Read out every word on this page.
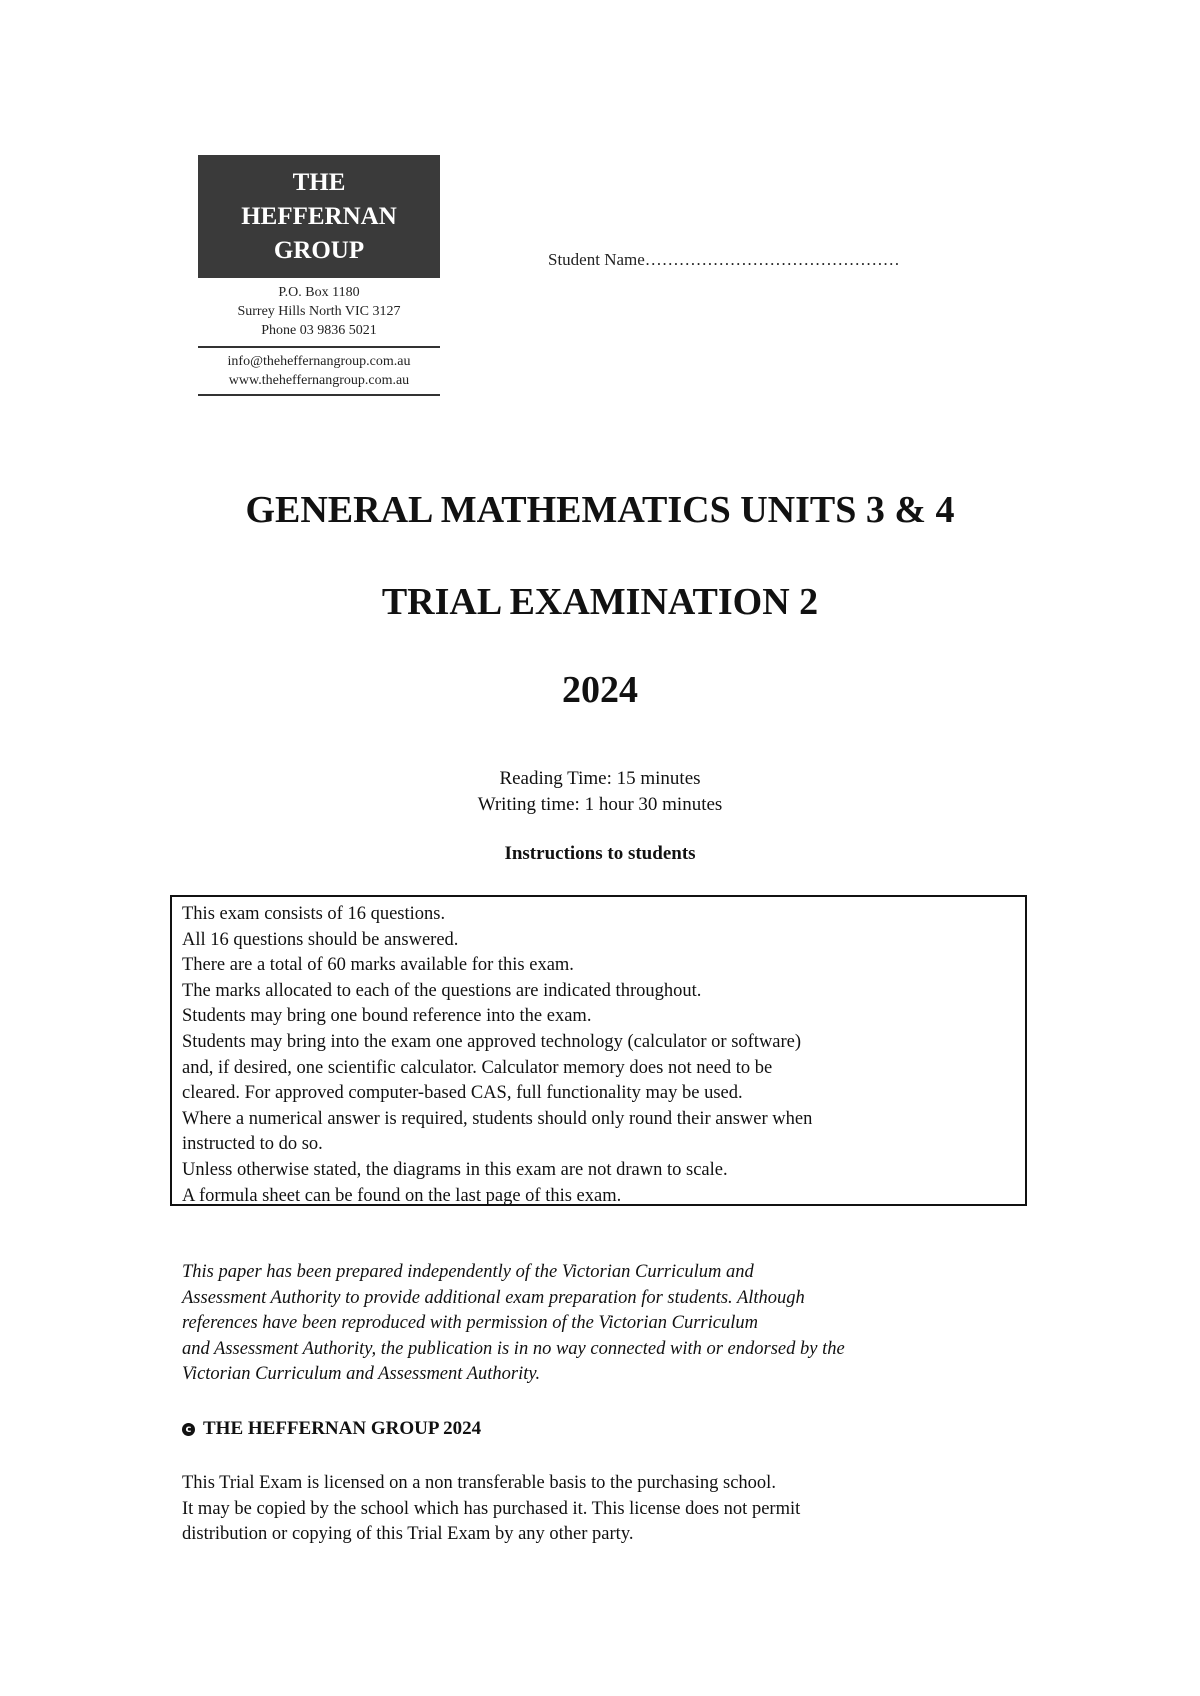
THE
HEFFERNAN
GROUP
P.O. Box 1180
Surrey Hills North VIC 3127
Phone 03 9836 5021
info@theheffernangroup.com.au
www.theheffernangroup.com.au
Student Name………………………………………
GENERAL MATHEMATICS UNITS 3 & 4
TRIAL EXAMINATION 2
2024
Reading Time: 15 minutes
Writing time: 1 hour 30 minutes
Instructions to students
This exam consists of 16 questions.
All 16 questions should be answered.
There are a total of 60 marks available for this exam.
The marks allocated to each of the questions are indicated throughout.
Students may bring one bound reference into the exam.
Students may bring into the exam one approved technology (calculator or software)
and, if desired, one scientific calculator. Calculator memory does not need to be
cleared. For approved computer-based CAS, full functionality may be used.
Where a numerical answer is required, students should only round their answer when
instructed to do so.
Unless otherwise stated, the diagrams in this exam are not drawn to scale.
A formula sheet can be found on the last page of this exam.
This paper has been prepared independently of the Victorian Curriculum and
Assessment Authority to provide additional exam preparation for students. Although
references have been reproduced with permission of the Victorian Curriculum
and Assessment Authority, the publication is in no way connected with or endorsed by the
Victorian Curriculum and Assessment Authority.
c THE HEFFERNAN GROUP 2024
This Trial Exam is licensed on a non transferable basis to the purchasing school.
It may be copied by the school which has purchased it. This license does not permit
distribution or copying of this Trial Exam by any other party.
